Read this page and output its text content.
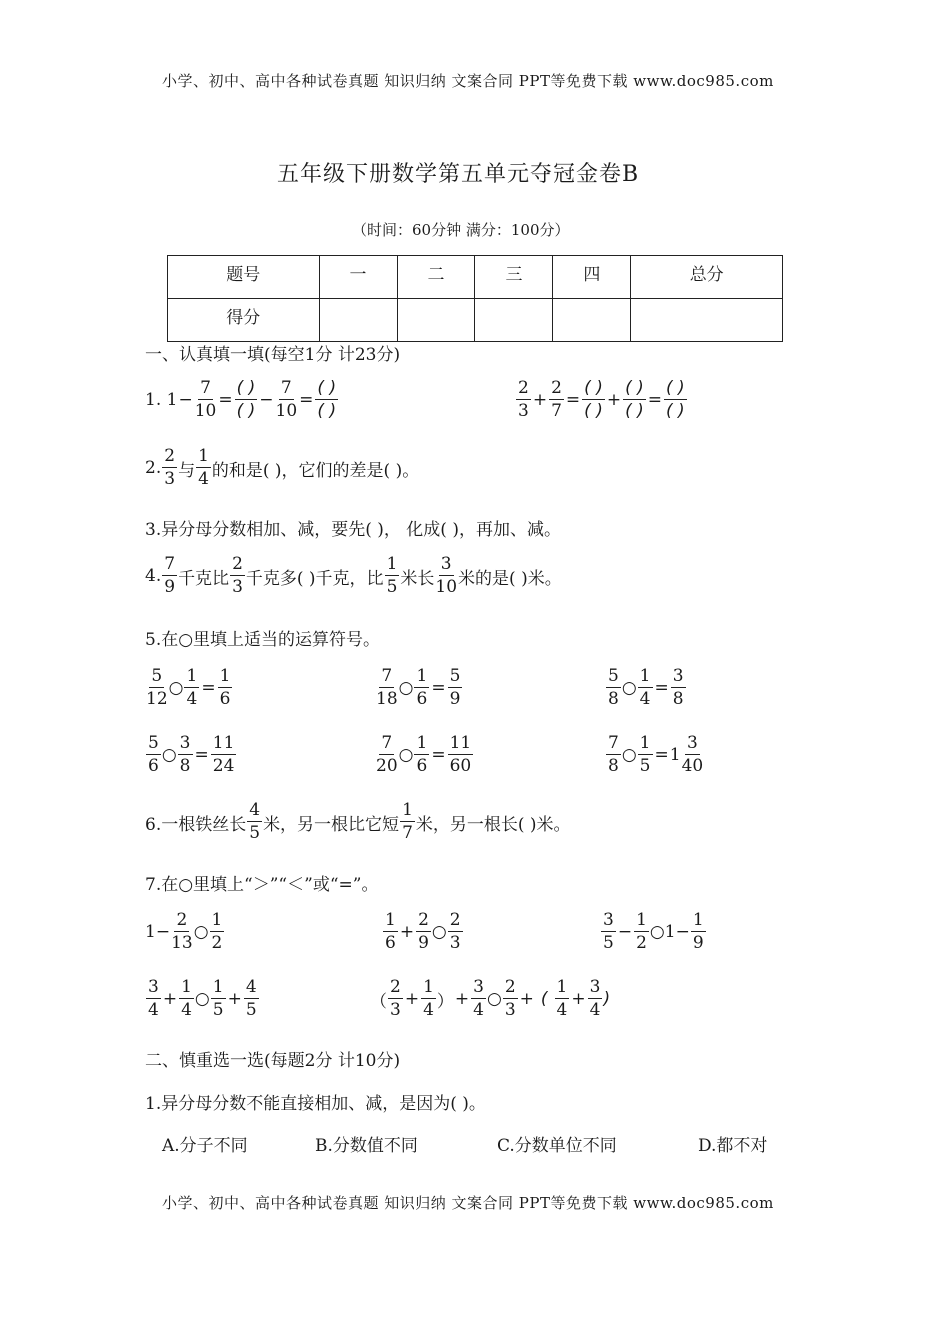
小学、初中、高中各种试卷真题 知识归纳 文案合同 PPT等免费下载 www.doc985.com
五年级下册数学第五单元夺冠金卷B
（时间：60分钟 满分：100分）
题号	一	二	三	四	总分
得分					
一、认真填一填(每空1分 计23分)
1. $1 - \frac{7}{10} = \frac{( )}{( )} - \frac{7}{10} = \frac{( )}{( )}$	$\frac{2}{3} + \frac{2}{7} = \frac{( )}{( )} + \frac{( )}{( )} = \frac{( )}{( )}$
2. $\frac{2}{3}$ 与 $\frac{1}{4}$ 的和是( )，它们的差是( )。
3.异分母分数相加、减，要先( )， 化成( )，再加、减。
4. $\frac{7}{9}$ 千克比 $\frac{2}{3}$ 千克多( )千克，比 $\frac{1}{5}$ 米长 $\frac{3}{10}$ 米的是( )米。
5.在○里填上适当的运算符号。
$\frac{5}{12}$ ○ $\frac{1}{4} = \frac{1}{6}$	$\frac{7}{18}$ ○ $\frac{1}{6} = \frac{5}{9}$	$\frac{5}{8}$ ○ $\frac{1}{4} = \frac{3}{8}$
$\frac{5}{6}$ ○ $\frac{3}{8} = \frac{11}{24}$	$\frac{7}{20}$ ○ $\frac{1}{6} = \frac{11}{60}$	$\frac{7}{8}$ ○ $\frac{1}{5} = 1 \frac{3}{40}$
6.一根铁丝长 $\frac{4}{5}$ 米，另一根比它短 $\frac{1}{7}$ 米，另一根长( )米。
7.在○里填上“＞”“＜”或“=”。
$1- \frac{2}{13}$ ○ $\frac{1}{2}$	$\frac{1}{6} + \frac{2}{9}$ ○ $\frac{2}{3}$	$\frac{3}{5} - \frac{1}{2}$ ○ $1- \frac{1}{9}$
$\frac{3}{4} + \frac{1}{4}$ ○ $\frac{1}{5} + \frac{4}{5}$	（ $\frac{2}{3} + \frac{1}{4}$ ） + $\frac{3}{4}$ ○ $\frac{2}{3}$ + ( $\frac{1}{4} + \frac{3}{4}$ )
二、慎重选一选(每题2分 计10分)
1.异分母分数不能直接相加、减，是因为( )。
A.分子不同	B.分数值不同	C.分数单位不同	D.都不对
小学、初中、高中各种试卷真题 知识归纳 文案合同 PPT等免费下载 www.doc985.com
